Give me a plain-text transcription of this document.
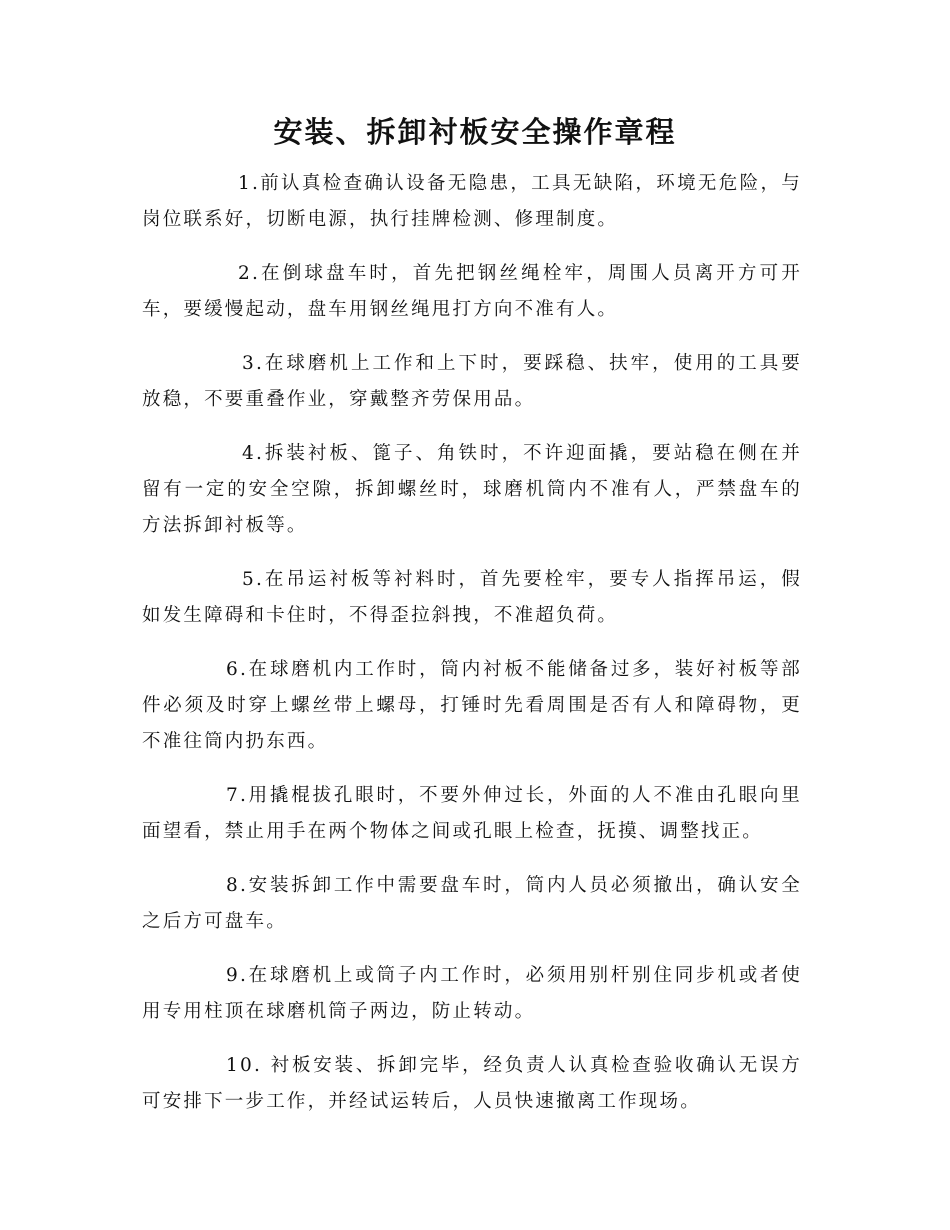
安装、拆卸衬板安全操作章程

1.前认真检查确认设备无隐患，工具无缺陷，环境无危险，与岗位联系好，切断电源，执行挂牌检测、修理制度。

2.在倒球盘车时，首先把钢丝绳栓牢，周围人员离开方可开车，要缓慢起动，盘车用钢丝绳甩打方向不准有人。

3.在球磨机上工作和上下时，要踩稳、扶牢，使用的工具要放稳，不要重叠作业，穿戴整齐劳保用品。

4.拆装衬板、篦子、角铁时，不许迎面撬，要站稳在侧在并留有一定的安全空隙，拆卸螺丝时，球磨机筒内不准有人，严禁盘车的方法拆卸衬板等。

5.在吊运衬板等衬料时，首先要栓牢，要专人指挥吊运，假如发生障碍和卡住时，不得歪拉斜拽，不准超负荷。

6.在球磨机内工作时，筒内衬板不能储备过多，装好衬板等部件必须及时穿上螺丝带上螺母，打锤时先看周围是否有人和障碍物，更不准往筒内扔东西。

7.用撬棍拔孔眼时，不要外伸过长，外面的人不准由孔眼向里面望看，禁止用手在两个物体之间或孔眼上检查，抚摸、调整找正。

8.安装拆卸工作中需要盘车时，筒内人员必须撤出，确认安全之后方可盘车。

9.在球磨机上或筒子内工作时，必须用别杆别住同步机或者使用专用柱顶在球磨机筒子两边，防止转动。

10. 衬板安装、拆卸完毕，经负责人认真检查验收确认无误方可安排下一步工作，并经试运转后，人员快速撤离工作现场。
